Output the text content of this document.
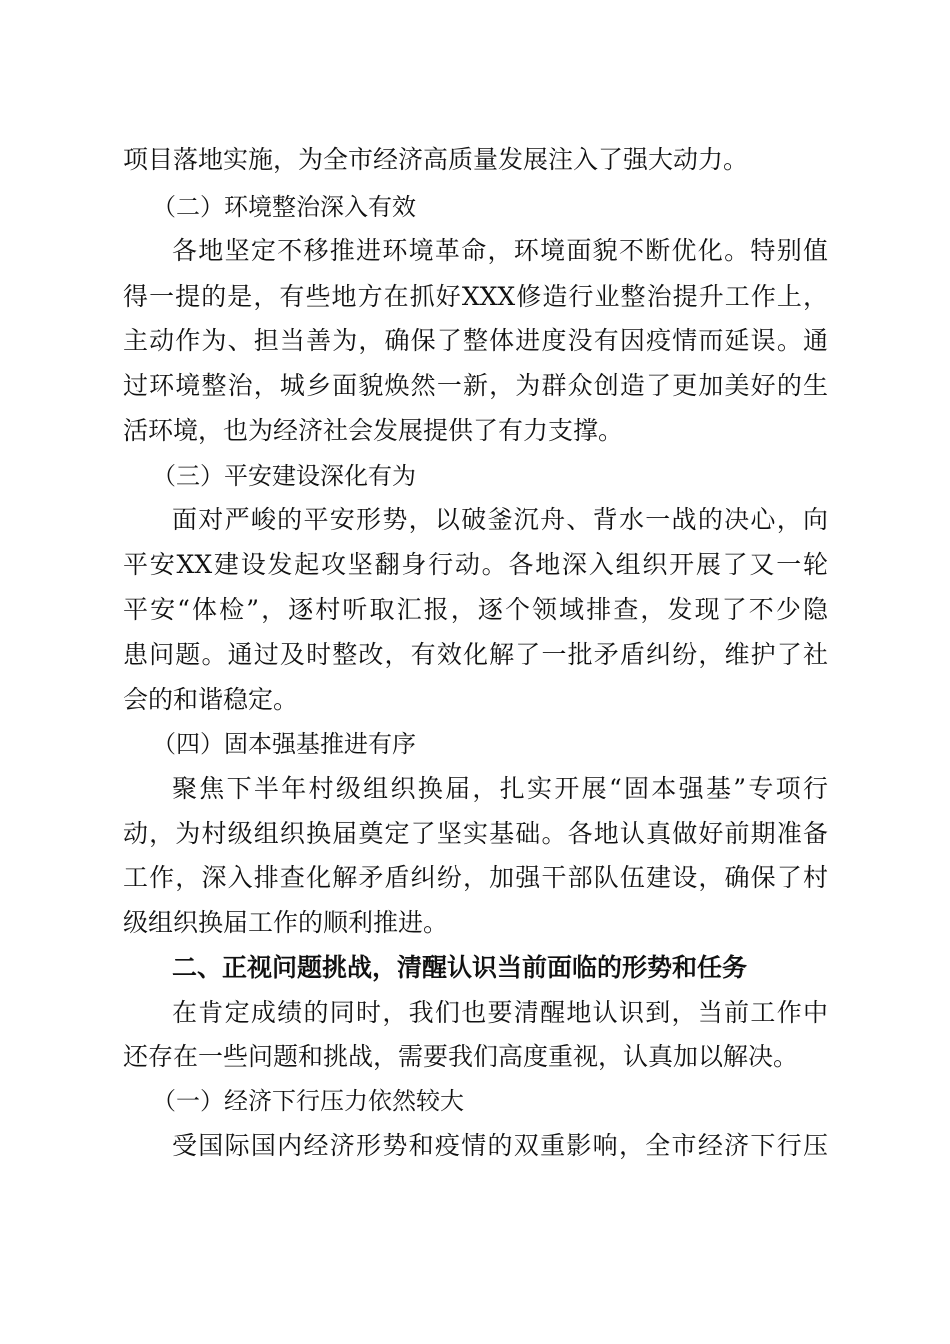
项目落地实施，为全市经济高质量发展注入了强大动力。
（二）环境整治深入有效
各地坚定不移推进环境革命，环境面貌不断优化。特别值
得一提的是，有些地方在抓好XXX修造行业整治提升工作上，
主动作为、担当善为，确保了整体进度没有因疫情而延误。通
过环境整治，城乡面貌焕然一新，为群众创造了更加美好的生
活环境，也为经济社会发展提供了有力支撑。
（三）平安建设深化有为
面对严峻的平安形势，以破釜沉舟、背水一战的决心，向
平安XX建设发起攻坚翻身行动。各地深入组织开展了又一轮
平安“体检”，逐村听取汇报，逐个领域排查，发现了不少隐
患问题。通过及时整改，有效化解了一批矛盾纠纷，维护了社
会的和谐稳定。
（四）固本强基推进有序
聚焦下半年村级组织换届，扎实开展“固本强基”专项行
动，为村级组织换届奠定了坚实基础。各地认真做好前期准备
工作，深入排查化解矛盾纠纷，加强干部队伍建设，确保了村
级组织换届工作的顺利推进。
二、正视问题挑战，清醒认识当前面临的形势和任务
在肯定成绩的同时，我们也要清醒地认识到，当前工作中
还存在一些问题和挑战，需要我们高度重视，认真加以解决。
（一）经济下行压力依然较大
受国际国内经济形势和疫情的双重影响，全市经济下行压
